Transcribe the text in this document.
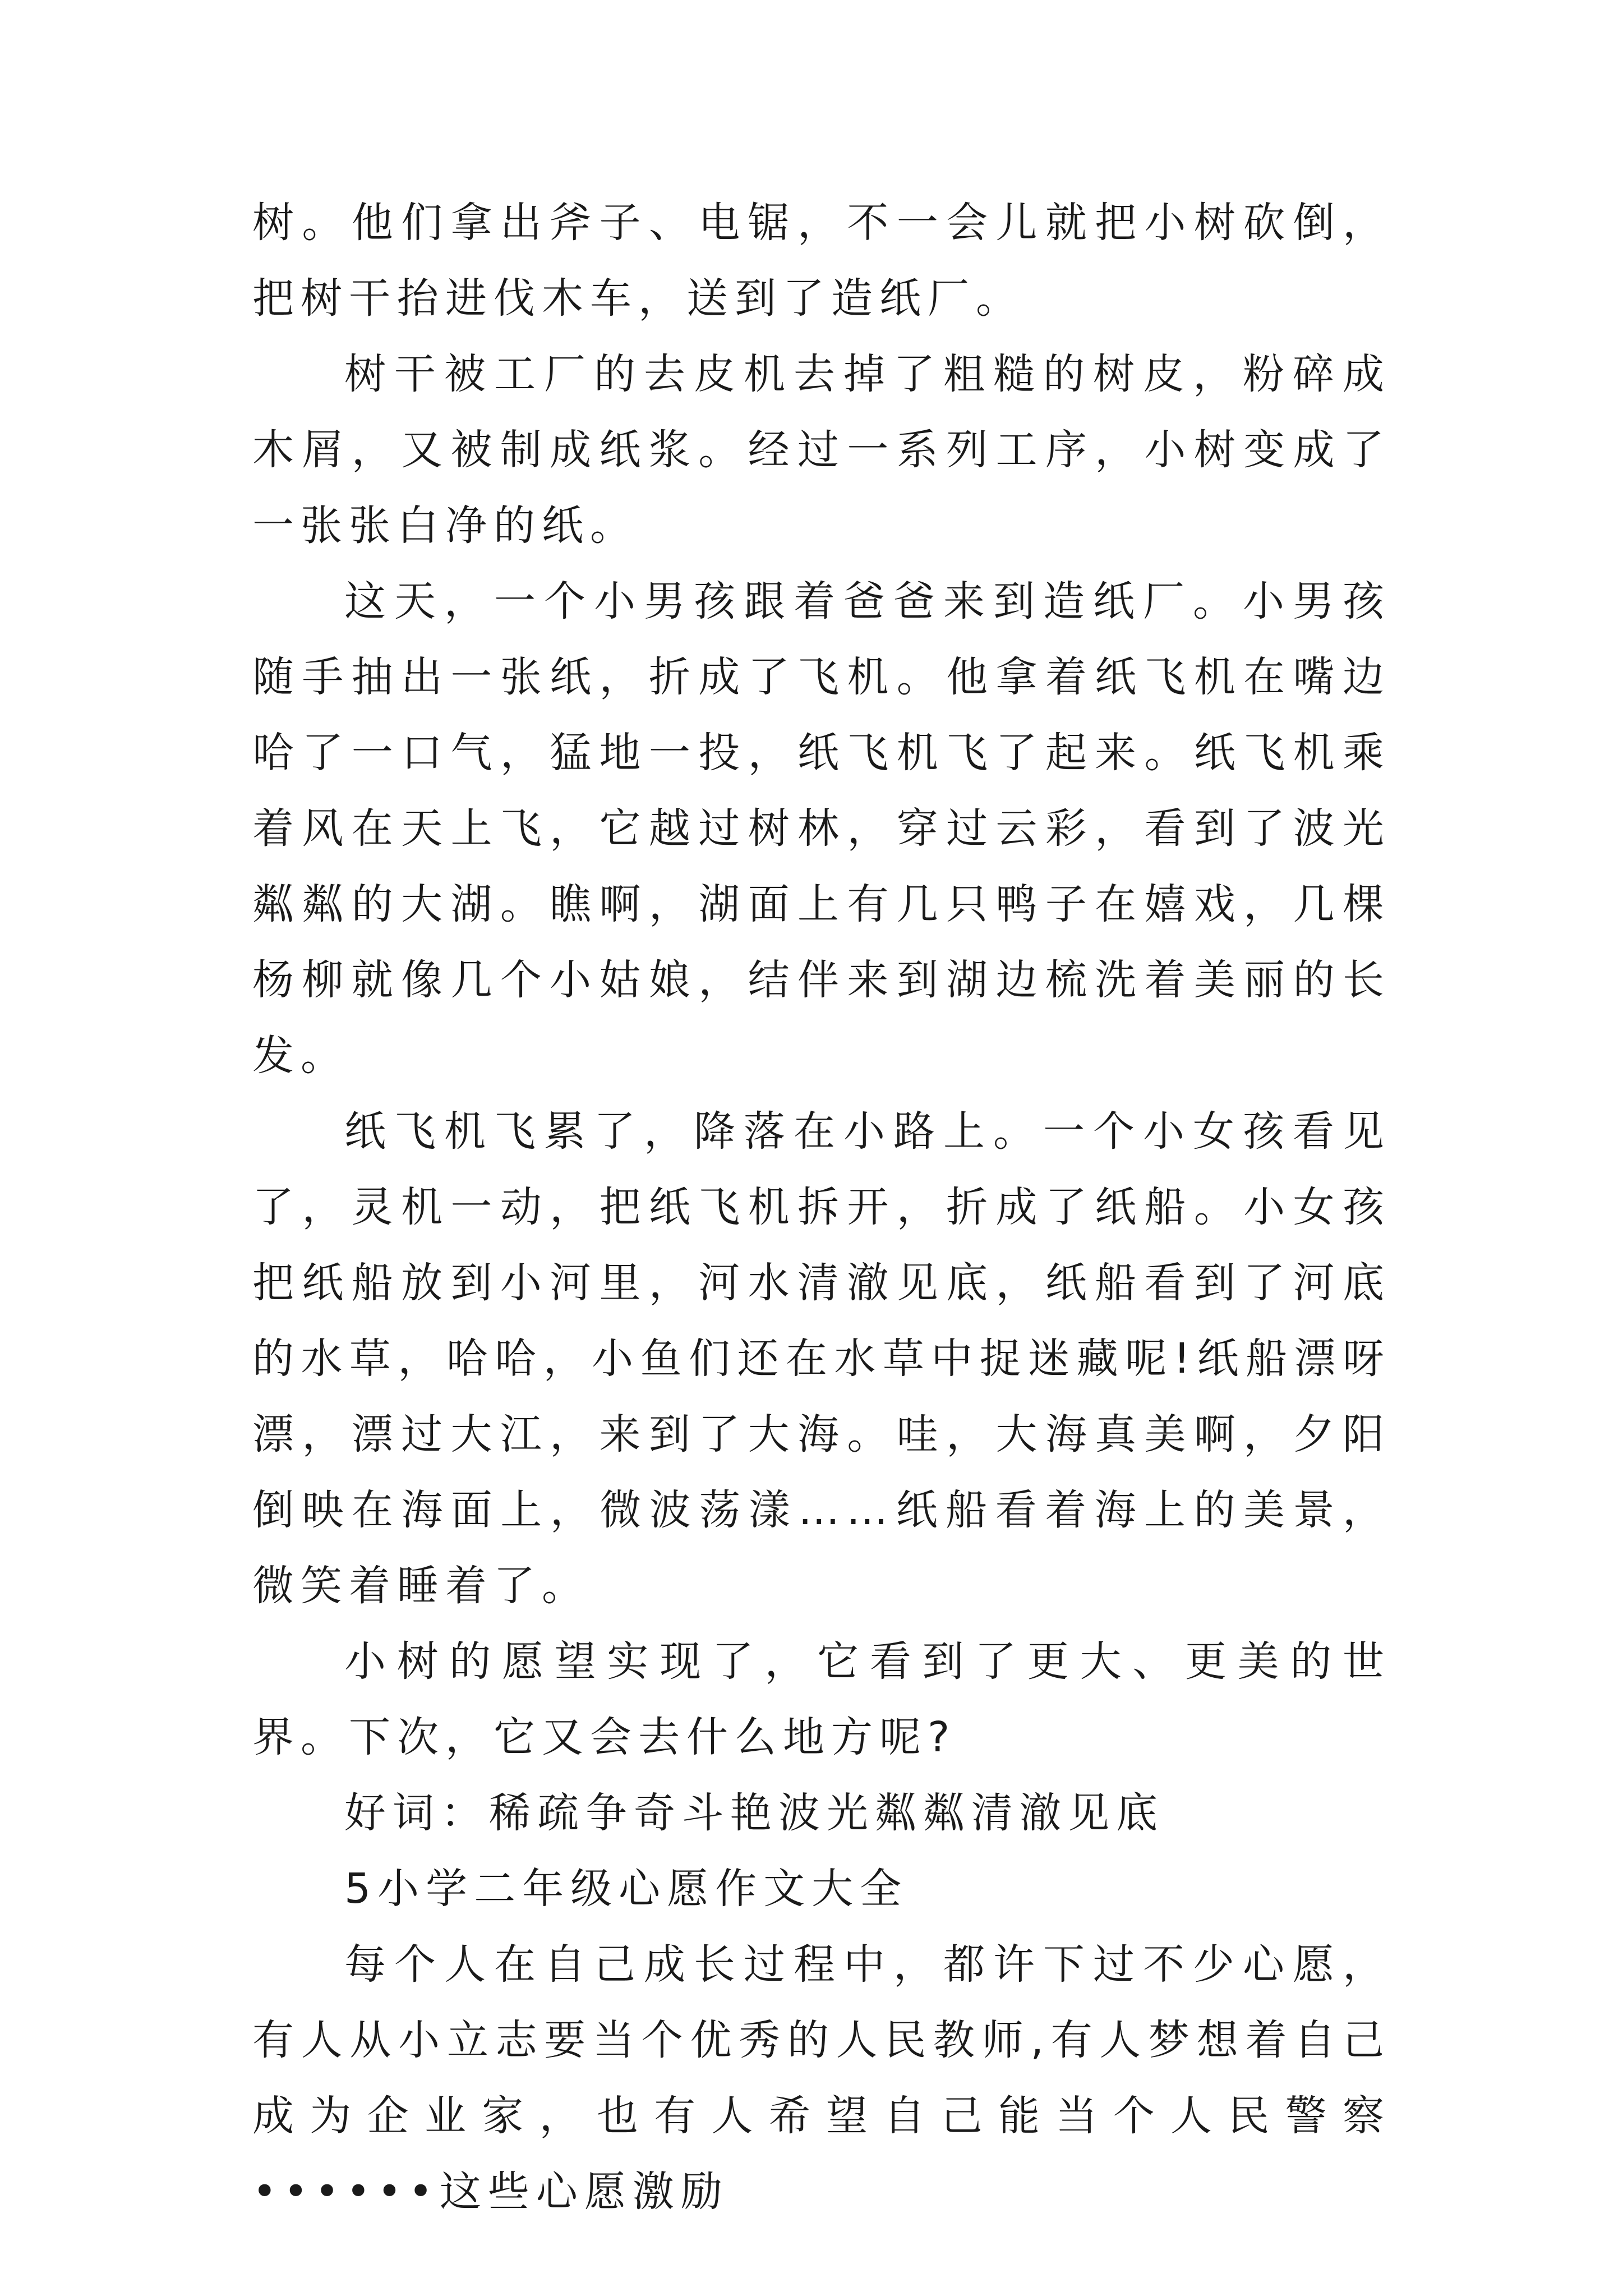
树。他们拿出斧子、电锯，不一会儿就把小树砍倒，把树干抬进伐木车，送到了造纸厂。

树干被工厂的去皮机去掉了粗糙的树皮，粉碎成木屑，又被制成纸浆。经过一系列工序，小树变成了一张张白净的纸。

这天，一个小男孩跟着爸爸来到造纸厂。小男孩随手抽出一张纸，折成了飞机。他拿着纸飞机在嘴边哈了一口气，猛地一投，纸飞机飞了起来。纸飞机乘着风在天上飞，它越过树林，穿过云彩，看到了波光粼粼的大湖。瞧啊，湖面上有几只鸭子在嬉戏，几棵杨柳就像几个小姑娘，结伴来到湖边梳洗着美丽的长发。

纸飞机飞累了，降落在小路上。一个小女孩看见了，灵机一动，把纸飞机拆开，折成了纸船。小女孩把纸船放到小河里，河水清澈见底，纸船看到了河底的水草，哈哈，小鱼们还在水草中捉迷藏呢!纸船漂呀漂，漂过大江，来到了大海。哇，大海真美啊，夕阳倒映在海面上，微波荡漾……纸船看着海上的美景，微笑着睡着了。

小树的愿望实现了，它看到了更大、更美的世界。下次，它又会去什么地方呢?

好词：稀疏争奇斗艳波光粼粼清澈见底

5小学二年级心愿作文大全

每个人在自己成长过程中，都许下过不少心愿，有人从小立志要当个优秀的人民教师,有人梦想着自己成为企业家，也有人希望自己能当个人民警察••••••这些心愿激励
